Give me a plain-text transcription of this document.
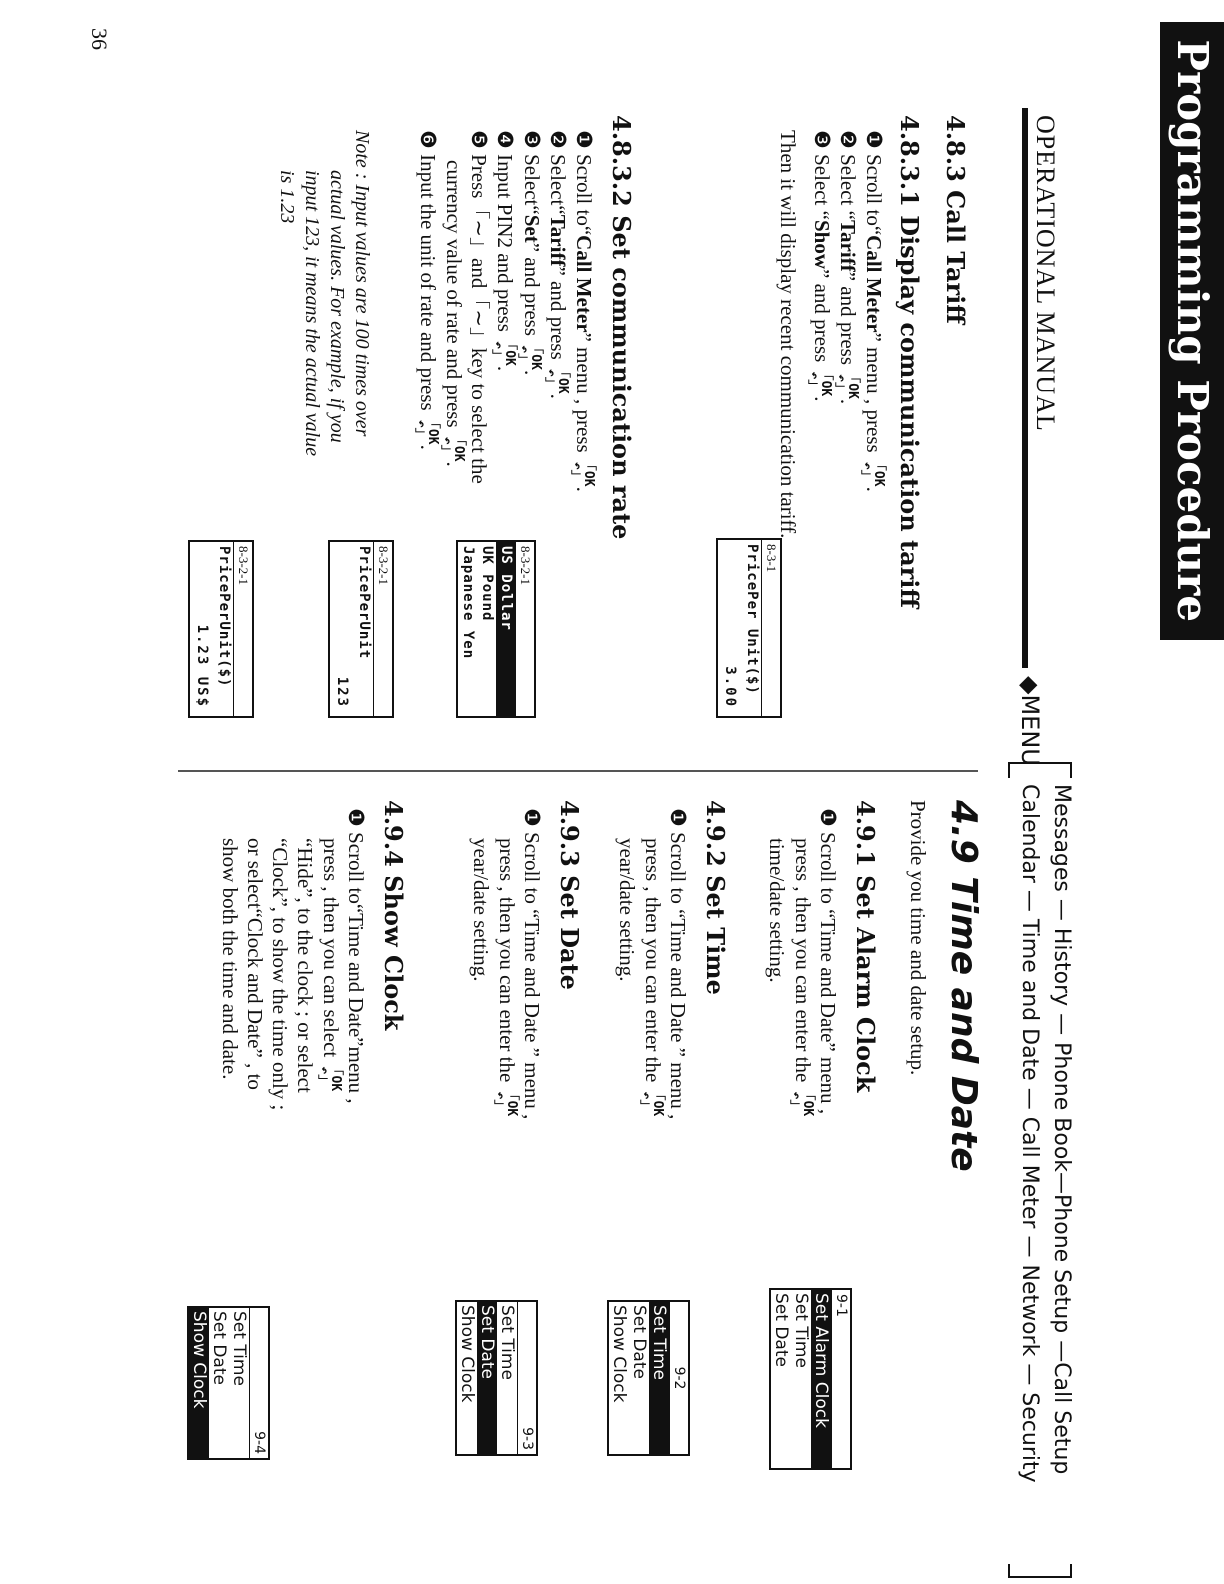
Programming Procedure
36
OPERATIONAL MANUAL
◆MENU
Messages — History — Phone Book—Phone Setup —Call Setup
Calendar — Time and Date — Call Meter — Network — Security
4.8.3 Call Tariff
4.8.3.1 Display communication tariff
❶ Scroll to“Call Meter” menu , press 「OK
↶」.
❷ Select “Tariff” and press 「OK
↶」.
❸ Select “Show” and press 「OK
↶」.
Then it will display recent communication tariff.
8-3-1
PricePer Unit($)
3.00
4.8.3.2 Set communication rate
❶ Scroll to“Call Meter” menu , press 「OK
↶」.
❷ Select“Tariff” and press 「OK
↶」.
❸ Select“Set” and press 「OK
↶」.
❹ Input PIN2 and press 「OK
↶」.
❺ Press「∼」and「∼」key to select the
currency value of rate and press 「OK
↶」.
❻ Input the unit of rate and press 「OK
↶」.
Note : Input values are 100 times over
actual values. For example, if you
input 123, it means the actual value
is 1.23
8-3-2-1
US Dollar
UK Pound
Japanese Yen
8-3-2-1
PricePerUnit
123
8-3-2-1
PricePerUnit($)
1.23 US$
4.9 Time and Date
Provide you time and date setup.
4.9.1 Set Alarm Clock
❶ Scroll to “Time and Date” menu ,
press , then you can enter the 「OK
↶」
time/date setting.
9-1
Set Alarm Clock
Set Time
Set Date
4.9.2 Set Time
❶ Scroll to “Time and Date ” menu ,
press , then you can enter the 「OK
↶」
year/date setting.
9-2
Set Time
Set Date
Show Clock
4.9.3 Set Date
❶ Scroll to “Time and Date ” menu ,
press , then you can enter the 「OK
↶」
year/date setting.
9-3
Set Time
Set Date
Show Clock
4.9.4 Show Clock
❶ Scroll to“Time and Date”menu ,
press , then you can select 「OK
↶」
“Hide”, to the clock ; or select
“Clock”, to show the time only ;
or select“Clock and Date” , to
show both the time and date.
9-4
Set Time
Set Date
Show Clock
